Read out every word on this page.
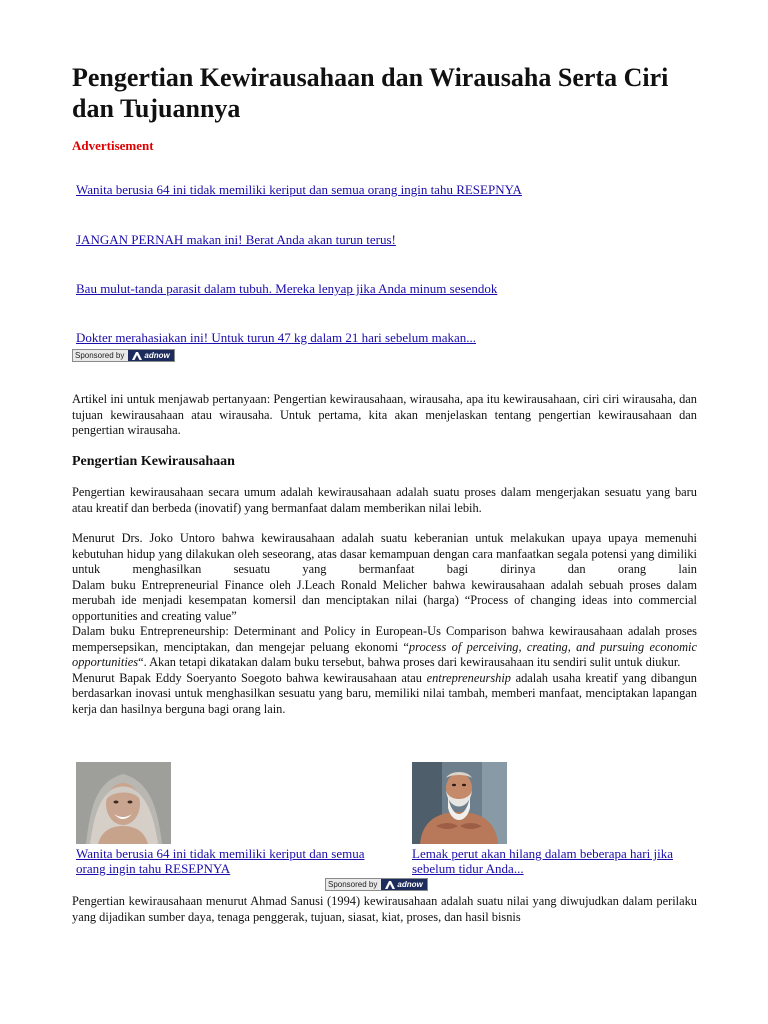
Pengertian Kewirausahaan dan Wirausaha Serta Ciri dan Tujuannya
Advertisement
Wanita berusia 64 ini tidak memiliki keriput dan semua orang ingin tahu RESEPNYA
JANGAN PERNAH makan ini! Berat Anda akan turun terus!
Bau mulut-tanda parasit dalam tubuh. Mereka lenyap jika Anda minum sesendok
Dokter merahasiakan ini! Untuk turun 47 kg dalam 21 hari sebelum makan...
Sponsored by	adnow

Artikel ini untuk menjawab pertanyaan: Pengertian kewirausahaan, wirausaha, apa itu kewirausahaan, ciri ciri wirausaha, dan tujuan kewirausahaan atau wirausaha. Untuk pertama, kita akan menjelaskan tentang pengertian kewirausahaan dan pengertian wirausaha.

Pengertian Kewirausahaan

Pengertian kewirausahaan secara umum adalah kewirausahaan adalah suatu proses dalam mengerjakan sesuatu yang baru atau kreatif dan berbeda (inovatif) yang bermanfaat dalam memberikan nilai lebih.

Menurut Drs. Joko Untoro bahwa kewirausahaan adalah suatu keberanian untuk melakukan upaya upaya memenuhi kebutuhan hidup yang dilakukan oleh seseorang, atas dasar kemampuan dengan cara manfaatkan segala potensi yang dimiliki untuk menghasilkan sesuatu yang bermanfaat bagi dirinya dan orang lain
Dalam buku Entrepreneurial Finance oleh J.Leach Ronald Melicher bahwa kewirausahaan adalah sebuah proses dalam merubah ide menjadi kesempatan komersil dan menciptakan nilai (harga) “Process of changing ideas into commercial opportunities and creating value”
Dalam buku Entrepreneurship: Determinant and Policy in European-Us Comparison bahwa kewirausahaan adalah proses mempersepsikan, menciptakan, dan mengejar peluang ekonomi “process of perceiving, creating, and pursuing economic opportunities“. Akan tetapi dikatakan dalam buku tersebut, bahwa proses dari kewirausahaan itu sendiri sulit untuk diukur.
Menurut Bapak Eddy Soeryanto Soegoto bahwa kewirausahaan atau entrepreneurship adalah usaha kreatif yang dibangun berdasarkan inovasi untuk menghasilkan sesuatu yang baru, memiliki nilai tambah, memberi manfaat, menciptakan lapangan kerja dan hasilnya berguna bagi orang lain.
Wanita berusia 64 ini tidak memiliki keriput dan semua orang ingin tahu RESEPNYA
Lemak perut akan hilang dalam beberapa hari jika sebelum tidur Anda...
Sponsored by	adnow

Pengertian kewirausahaan menurut Ahmad Sanusi (1994) kewirausahaan adalah suatu nilai yang diwujudkan dalam perilaku yang dijadikan sumber daya, tenaga penggerak, tujuan, siasat, kiat, proses, dan hasil bisnis
